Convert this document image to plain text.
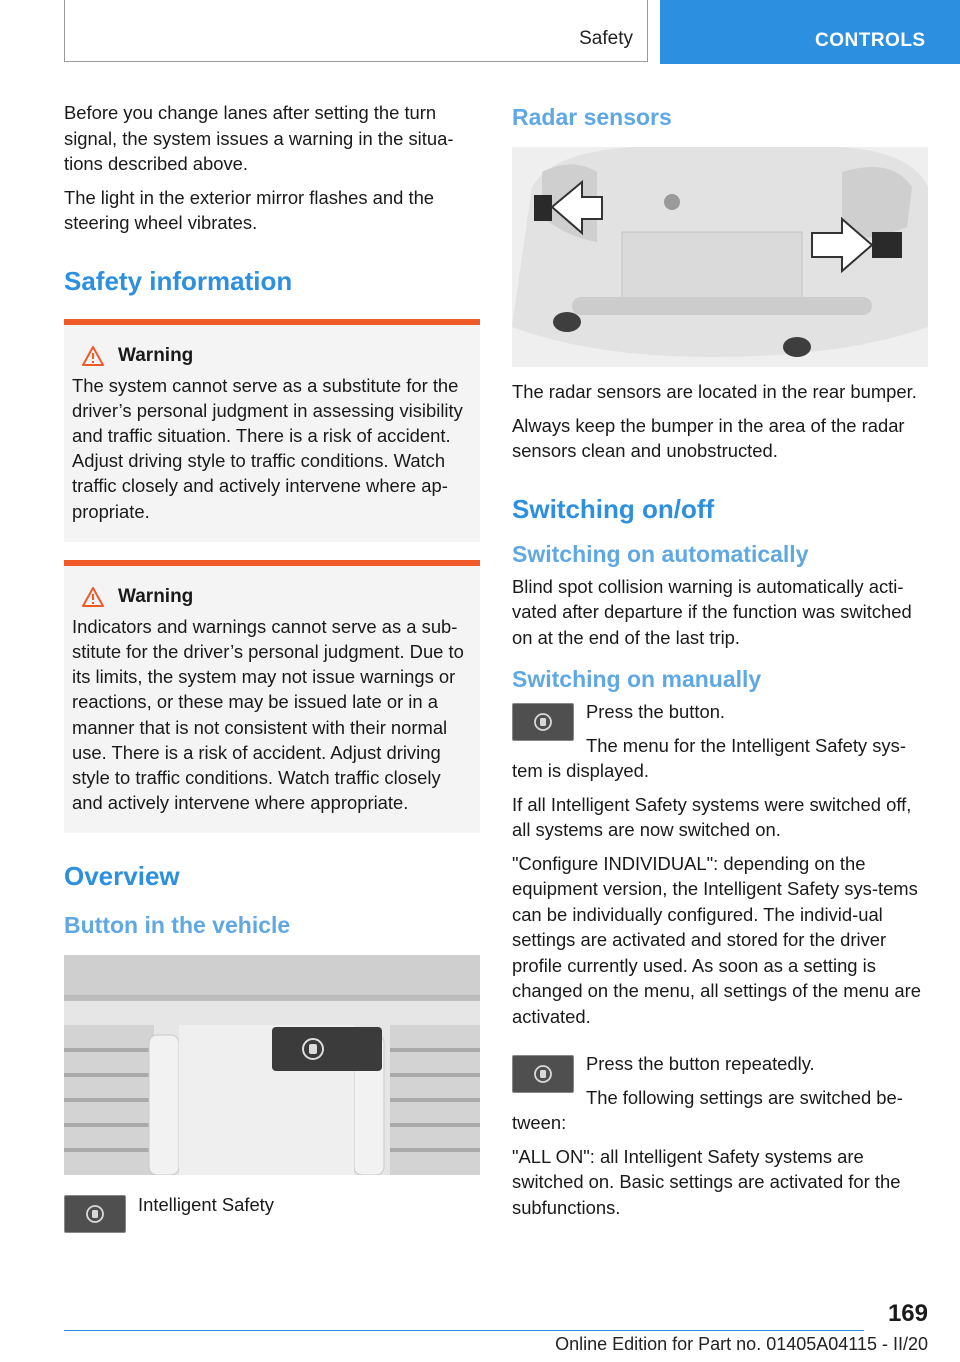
Safety	CONTROLS

Before you change lanes after setting the turn signal, the system issues a warning in the situa-tions described above.

The light in the exterior mirror flashes and the steering wheel vibrates.

Safety information
Warning

The system cannot serve as a substitute for the driver’s personal judgment in assessing visibility and traffic situation. There is a risk of accident. Adjust driving style to traffic conditions. Watch traffic closely and actively intervene where ap-propriate.

Warning

Indicators and warnings cannot serve as a sub-stitute for the driver’s personal judgment. Due to its limits, the system may not issue warnings or reactions, or these may be issued late or in a manner that is not consistent with their normal use. There is a risk of accident. Adjust driving style to traffic conditions. Watch traffic closely and actively intervene where appropriate.

Overview
Button in the vehicle
Intelligent Safety
Radar sensors

The radar sensors are located in the rear bumper.

Always keep the bumper in the area of the radar sensors clean and unobstructed.

Switching on/off
Switching on automatically

Blind spot collision warning is automatically acti-vated after departure if the function was switched on at the end of the last trip.

Switching on manually

Press the button.

The menu for the Intelligent Safety sys-tem is displayed.

If all Intelligent Safety systems were switched off, all systems are now switched on.

"Configure INDIVIDUAL": depending on the equipment version, the Intelligent Safety sys-tems can be individually configured. The individ-ual settings are activated and stored for the driver profile currently used. As soon as a setting is changed on the menu, all settings of the menu are activated.

Press the button repeatedly.

The following settings are switched be-tween:

"ALL ON": all Intelligent Safety systems are switched on. Basic settings are activated for the subfunctions.

169
Online Edition for Part no. 01405A04115 - II/20
